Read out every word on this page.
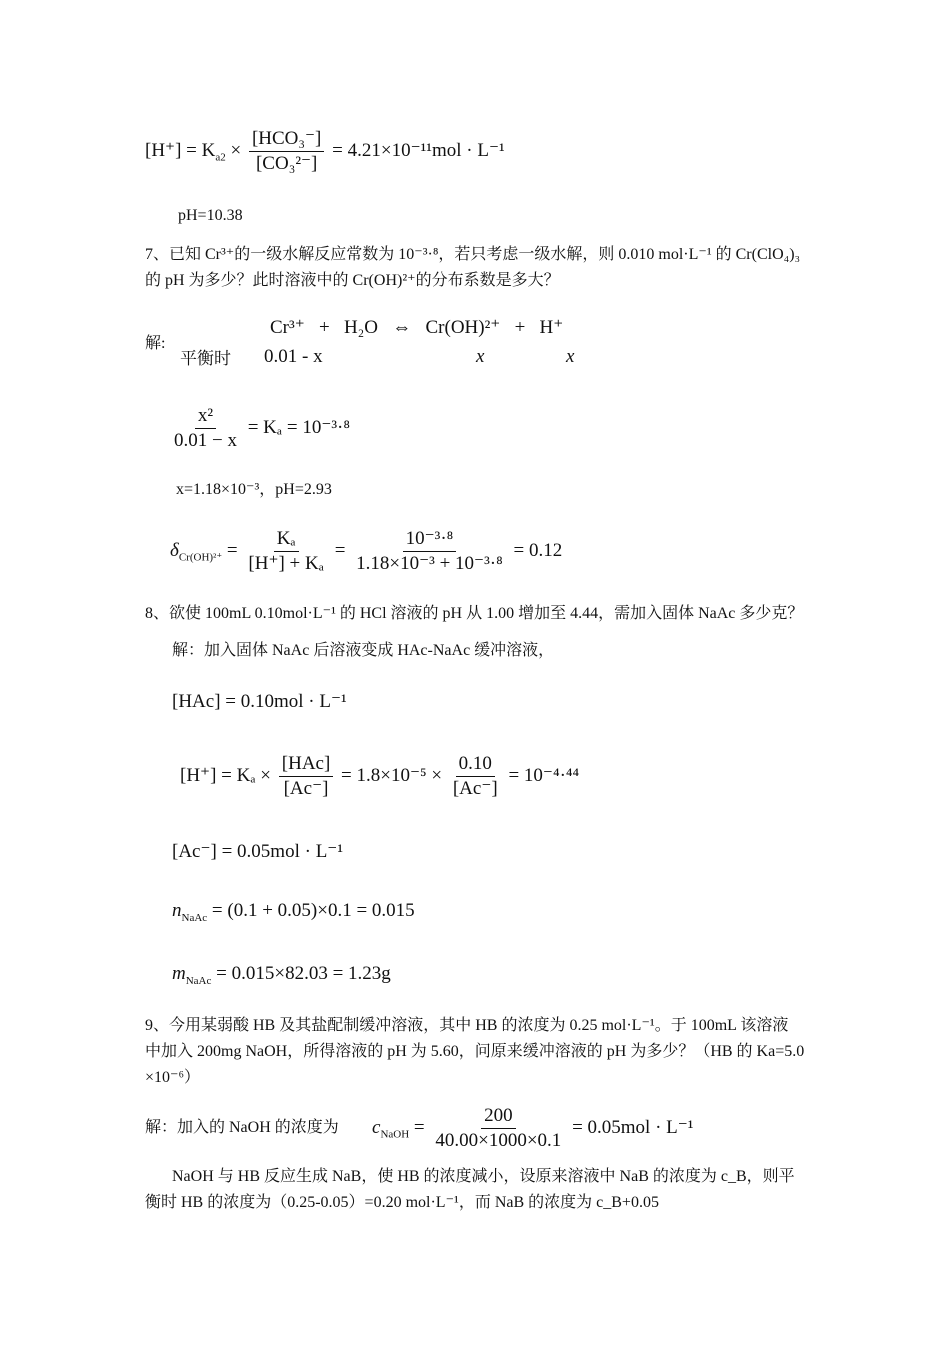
$[H^+] = K_{a2} \times \frac{\text{[HCO₃⁻]}}{\text{[CO₃²⁻]}} = 4.21\times 10^{-11}mol \cdot L^{-1}$
pH=10.38
7、已知 Cr³⁺的一级水解反应常数为 10⁻³·⁸，若只考虑一级水解，则 0.010 mol·L⁻¹ 的 Cr(ClO₄)₃
的 pH 为多少？此时溶液中的 Cr(OH)²⁺的分布系数是多大？
解:
Cr³⁺   +   H₂O   ⇔   Cr(OH)²⁺   +   H⁺
平衡时 0.01 - x	x	x
$\frac{\text{x²}}{0.01 - x} = K_a = 10^{-3}\cdot^8$
x=1.18×10⁻³，pH=2.93
$\delta_{Cr(OH)^{2+}} = \frac{\text{Kₐ}}{\text{[H⁺] + Kₐ}} = \frac{\text{10⁻³·⁸}}{\text{1.18×10⁻³ + 10⁻³·⁸}} = 0.12$
8、欲使 100mL 0.10mol·L⁻¹ 的 HCl 溶液的 pH 从 1.00 增加至 4.44，需加入固体 NaAc 多少克？
解：加入固体 NaAc 后溶液变成 HAc-NaAc 缓冲溶液，
[HAc] = 0.10mol · L⁻¹
$[H^+] = K_a \times \frac{\text{[HAc]}}{[Ac^-]} = 1.8\times 10^{-5} \times \frac{0.10}{[Ac^-]} = 10^{-4}\cdot^{44}$
[Ac⁻] = 0.05mol · L⁻¹
$n_{NaAc} = (0.1 + 0.05)\times 0.1 = 0.015$
$m_{NaAc} = 0.015\times 82.03 = 1.23g$
9、今用某弱酸 HB 及其盐配制缓冲溶液，其中 HB 的浓度为 0.25 mol·L⁻¹。于 100mL 该溶液
中加入 200mg NaOH，所得溶液的 pH 为 5.60，问原来缓冲溶液的 pH 为多少？（HB 的 Ka=5.0
×10⁻⁶）
解：加入的 NaOH 的浓度为 $c_{NaOH} = \frac{200}{40.00\times 1000\times 0.1} = 0.05mol \cdot L^{-1}$
NaOH 与 HB 反应生成 NaB，使 HB 的浓度减小，设原来溶液中 NaB 的浓度为 c_B，则平
衡时 HB 的浓度为（0.25-0.05）=0.20 mol·L⁻¹，而 NaB 的浓度为 c_B+0.05
